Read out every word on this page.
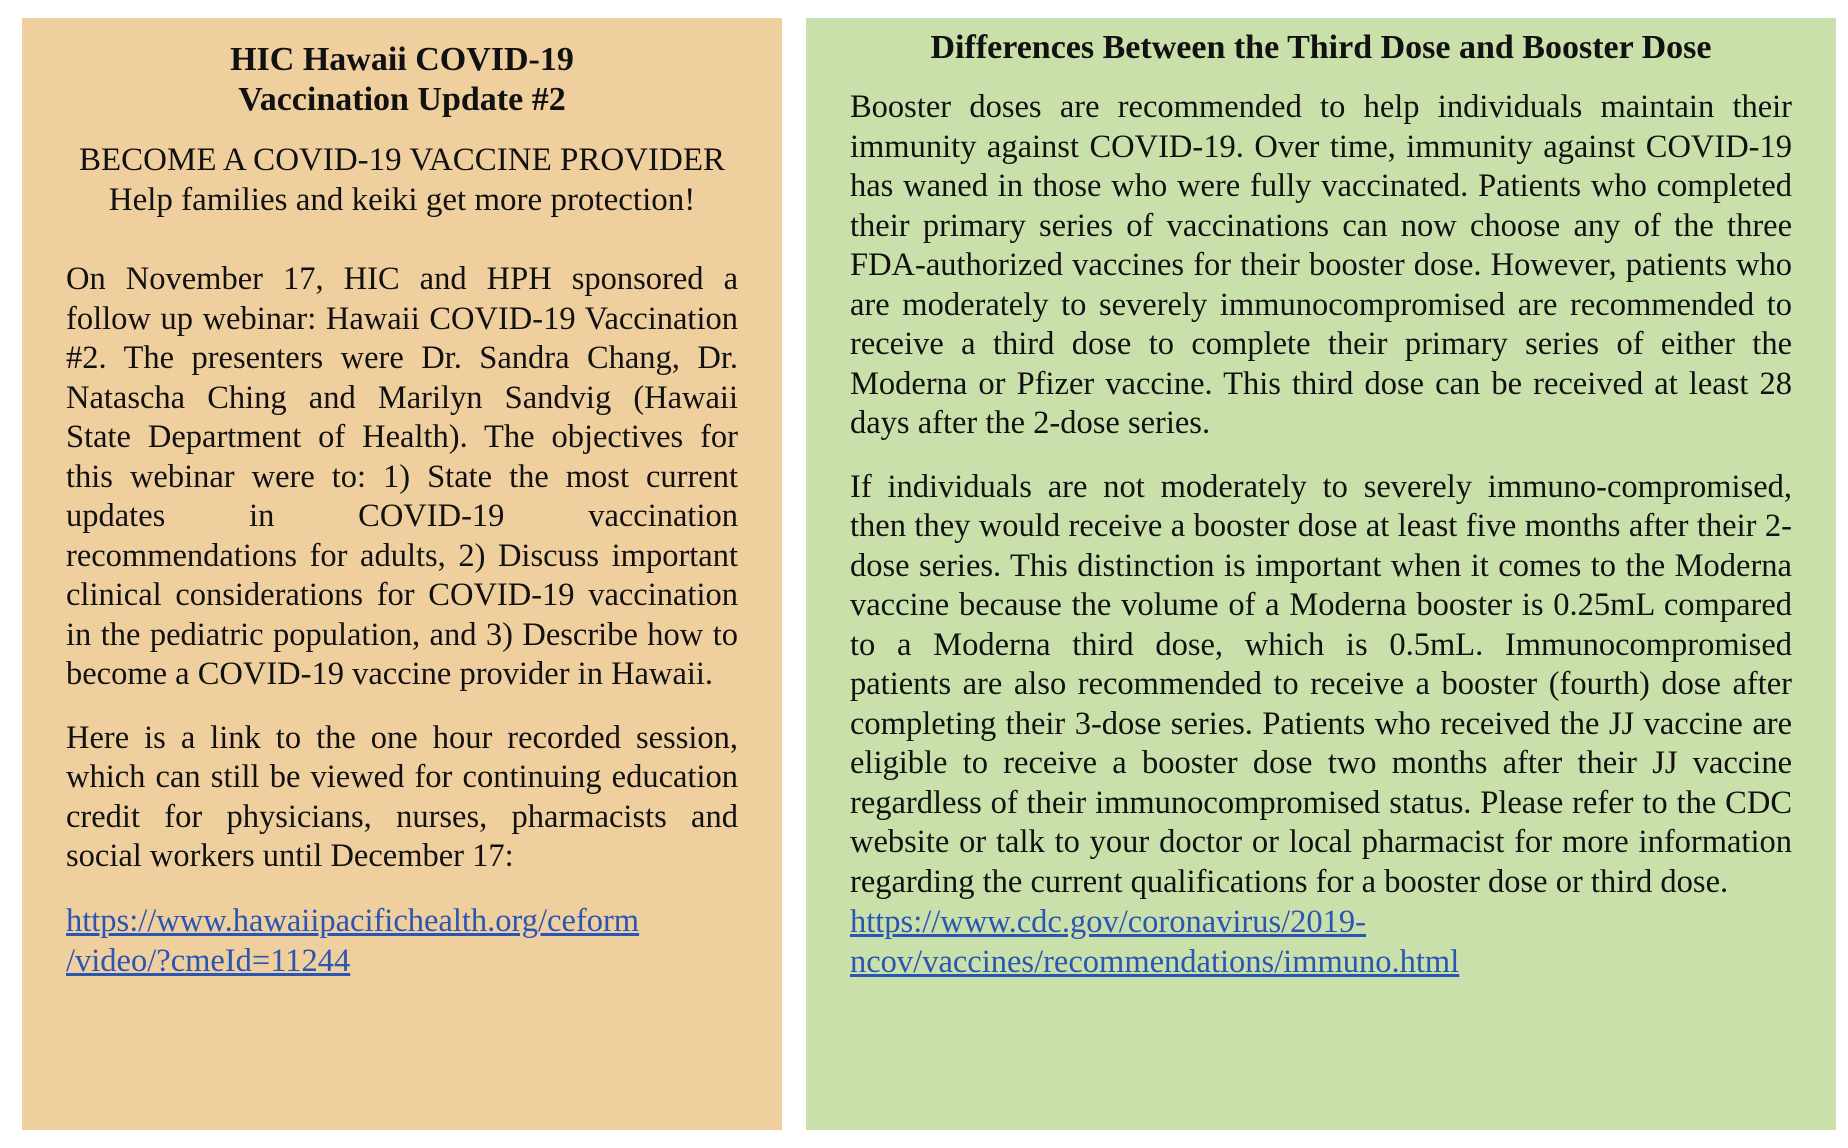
HIC Hawaii COVID-19
Vaccination Update #2

BECOME A COVID-19 VACCINE PROVIDER
Help families and keiki get more protection!

On November 17, HIC and HPH sponsored a follow up webinar: Hawaii COVID-19 Vaccination #2. The presenters were Dr. Sandra Chang, Dr. Natascha Ching and Marilyn Sandvig (Hawaii State Department of Health). The objectives for this webinar were to: 1) State the most current updates in COVID-19 vaccination recommendations for adults, 2) Discuss important clinical considerations for COVID-19 vaccination in the pediatric population, and 3) Describe how to become a COVID-19 vaccine provider in Hawaii.

Here is a link to the one hour recorded session, which can still be viewed for continuing education credit for physicians, nurses, pharmacists and social workers until December 17:

https://www.hawaiipacifichealth.org/ceform
/video/?cmeId=11244
Differences Between the Third Dose and Booster Dose

Booster doses are recommended to help individuals maintain their immunity against COVID-19. Over time, immunity against COVID-19 has waned in those who were fully vaccinated. Patients who completed their primary series of vaccinations can now choose any of the three FDA-authorized vaccines for their booster dose. However, patients who are moderately to severely immunocompromised are recommended to receive a third dose to complete their primary series of either the Moderna or Pfizer vaccine. This third dose can be received at least 28 days after the 2-dose series.

If individuals are not moderately to severely immuno-compromised, then they would receive a booster dose at least five months after their 2-dose series. This distinction is important when it comes to the Moderna vaccine because the volume of a Moderna booster is 0.25mL compared to a Moderna third dose, which is 0.5mL. Immunocompromised patients are also recommended to receive a booster (fourth) dose after completing their 3-dose series. Patients who received the JJ vaccine are eligible to receive a booster dose two months after their JJ vaccine regardless of their immunocompromised status. Please refer to the CDC website or talk to your doctor or local pharmacist for more information regarding the current qualifications for a booster dose or third dose.

https://www.cdc.gov/coronavirus/2019-
ncov/vaccines/recommendations/immuno.html
